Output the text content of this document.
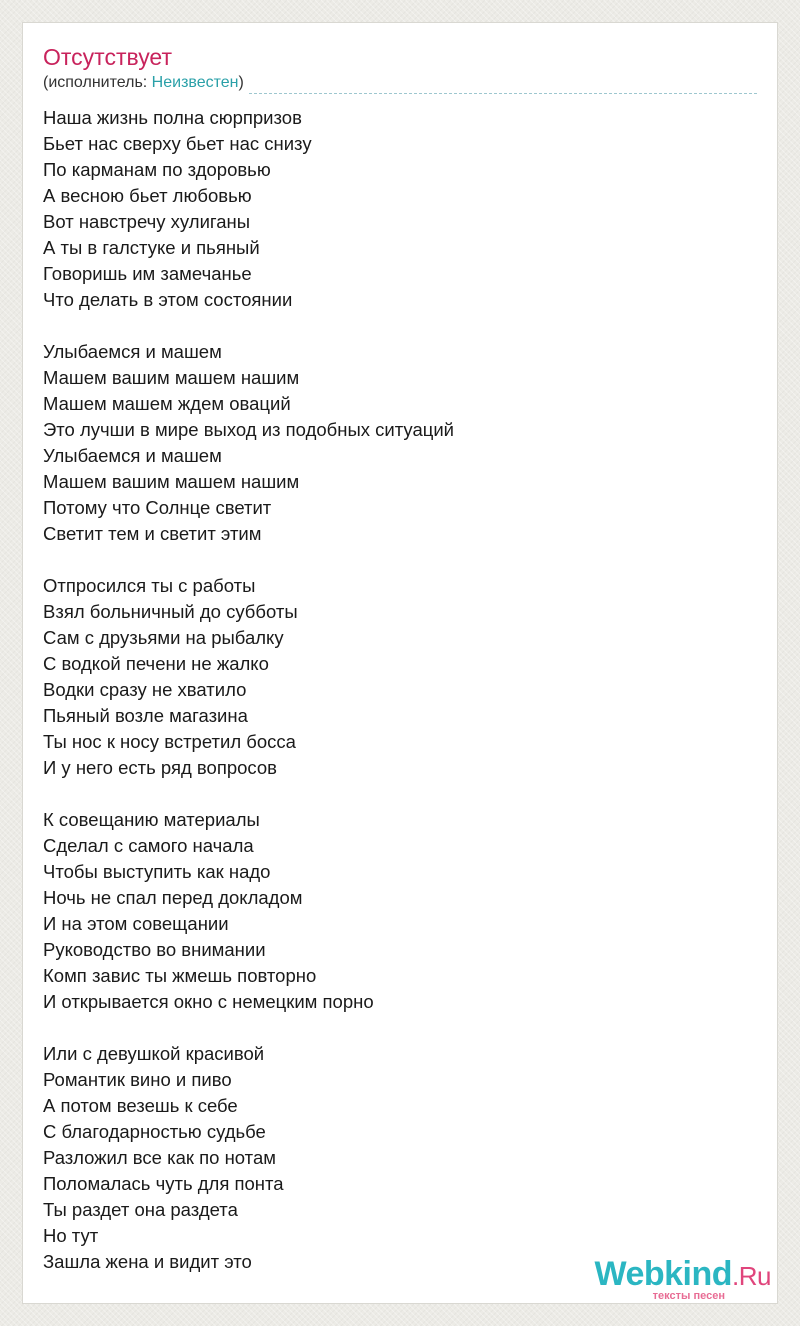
Отсутствует
(исполнитель: Неизвестен)
Наша жизнь полна сюрпризов
Бьет нас сверху бьет нас снизу
По карманам по здоровью
А весною бьет любовью
Вот навстречу хулиганы
А ты в галстуке и пьяный
Говоришь им замечанье
Что делать в этом состоянии
Улыбаемся и машем
Машем вашим машем нашим
Машем машем ждем оваций
Это лучши в мире выход из подобных ситуаций
Улыбаемся и машем
Машем вашим машем нашим
Потому что Солнце светит
Светит тем и светит этим
Отпросился ты с работы
Взял больничный до субботы
Сам с друзьями на рыбалку
С водкой печени не жалко
Водки сразу не хватило
Пьяный возле магазина
Ты нос к носу встретил босса
И у него есть ряд вопросов
К совещанию материалы
Сделал с самого начала
Чтобы выступить как надо
Ночь не спал перед докладом
И на этом совещании
Руководство во внимании
Комп завис ты жмешь повторно
И открывается окно с немецким порно
Или с девушкой красивой
Романтик вино и пиво
А потом везешь к себе
С благодарностью судьбе
Разложил все как по нотам
Поломалась чуть для понта
Ты раздет она раздета
Но тут
Зашла жена и видит это	Webkind.Ru
тексты песен
